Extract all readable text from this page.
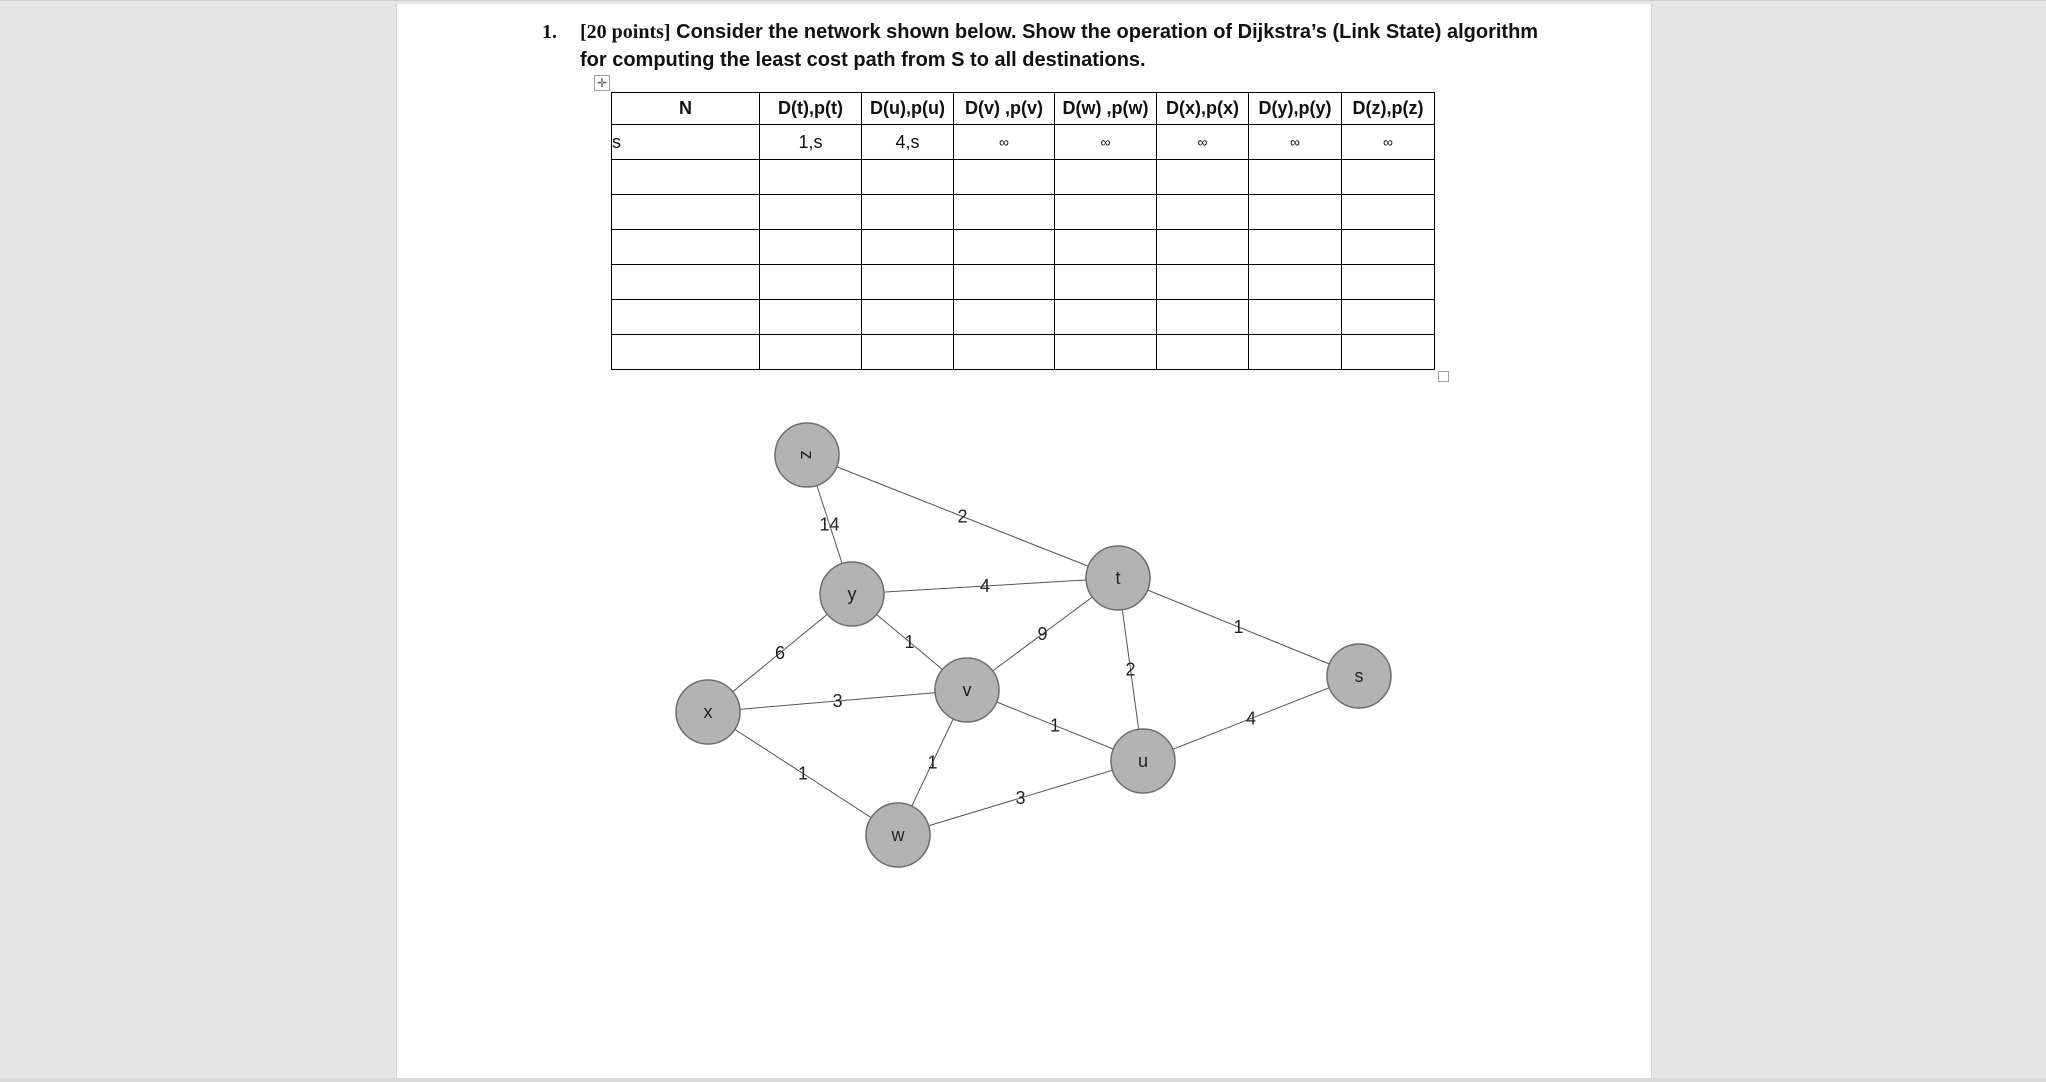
1. [20 points] Consider the network shown below. Show the operation of Dijkstra’s (Link State) algorithm for computing the least cost path from S to all destinations.
✛
N	D(t),p(t)	D(u),p(u)	D(v) ,p(v)	D(w) ,p(w)	D(x),p(x)	D(y),p(y)	D(z),p(z)
s	1,s	4,s	∞	∞	∞	∞	∞

2
14
4
1
6
1	9
2
3
1	4
1
1
3
z
y
t
s
x
v
u
w
